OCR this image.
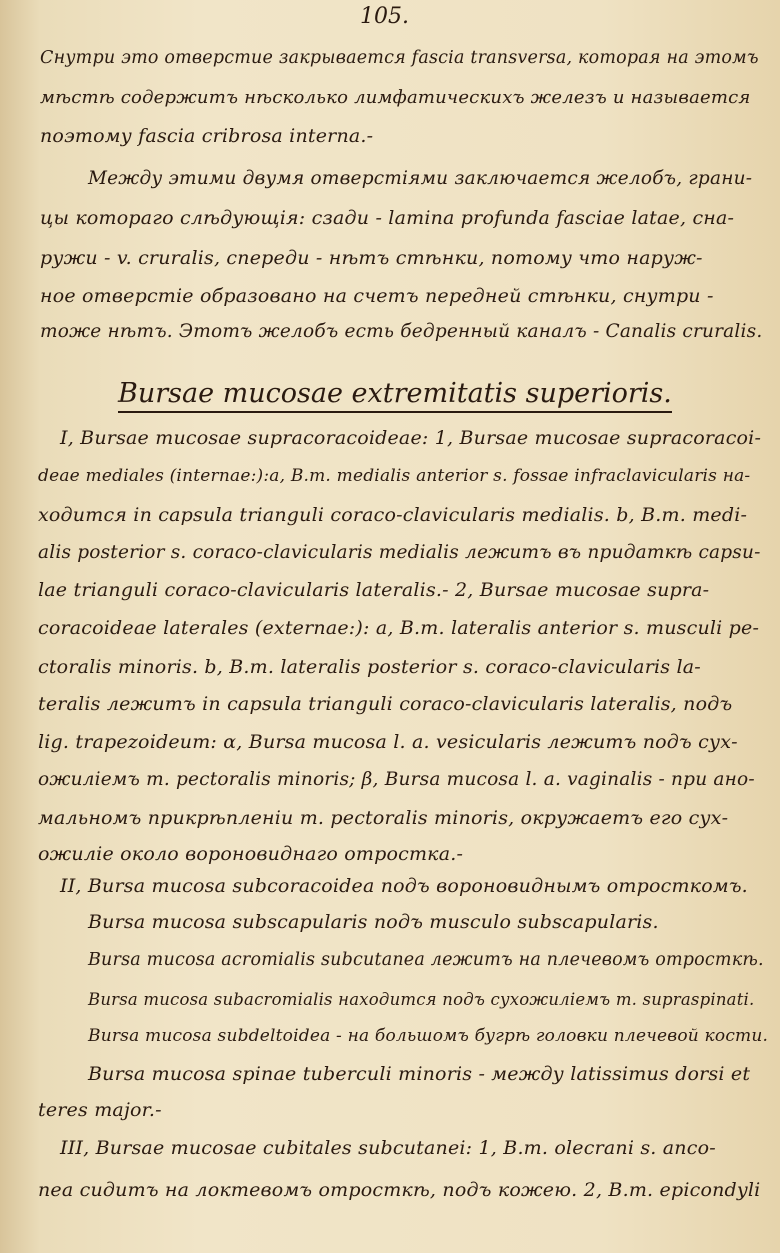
105.
Снутри это отверстие закрывается fascia transversa, которая на этомъ
мѣстѣ содержитъ нѣсколько лимфатическихъ железъ и называется
поэтому fascia cribrosa interna.-
Между этими двумя отверстіями заключается желобъ, грани-
цы котораго слѣдующія: сзади - lamina profunda fasciae latae, сна-
ружи - v. cruralis, спереди - нѣтъ стѣнки, потому что наруж-
ное отверстіе образовано на счетъ передней стѣнки, снутри -
тоже нѣтъ. Этотъ желобъ есть бедренный каналъ - Canalis cruralis.
Bursae mucosae extremitatis superioris.
I, Bursae mucosae supracoracoideae: 1, Bursae mucosae supracoracoi-
deae mediales (internae:):a, B.m. medialis anterior s. fossae infraclavicularis на-
ходится in capsula trianguli coraco-clavicularis medialis. b, B.m. medi-
alis posterior s. coraco-clavicularis medialis лежитъ въ придаткѣ capsu-
lae trianguli coraco-clavicularis lateralis.- 2, Bursae mucosae supra-
coracoideae laterales (externae:): a, B.m. lateralis anterior s. musculi pe-
ctoralis minoris. b, B.m. lateralis posterior s. coraco-clavicularis la-
teralis лежитъ in capsula trianguli coraco-clavicularis lateralis, подъ
lig. trapezoideum: α, Bursa mucosa l. a. vesicularis лежитъ подъ сух-
ожиліемъ m. pectoralis minoris; β, Bursa mucosa l. a. vaginalis - при ано-
мальномъ прикрѣпленіи m. pectoralis minoris, окружаетъ его сух-
ожиліе около вороновиднаго отростка.-
II, Bursa mucosa subcoracoidea подъ вороновиднымъ отросткомъ.
Bursa mucosa subscapularis подъ musculo subscapularis.
Bursa mucosa acromialis subcutanea лежитъ на плечевомъ отросткѣ.
Bursa mucosa subacromialis находится подъ сухожиліемъ m. supraspinati.
Bursa mucosa subdeltoidea - на большомъ бугрѣ головки плечевой кости.
Bursa mucosa spinae tuberculi minoris - между latissimus dorsi et
teres major.-
III, Bursae mucosae cubitales subcutanei: 1, B.m. olecrani s. ancо-
nea сидитъ на локтевомъ отросткѣ, подъ кожею. 2, B.m. epicondyli
